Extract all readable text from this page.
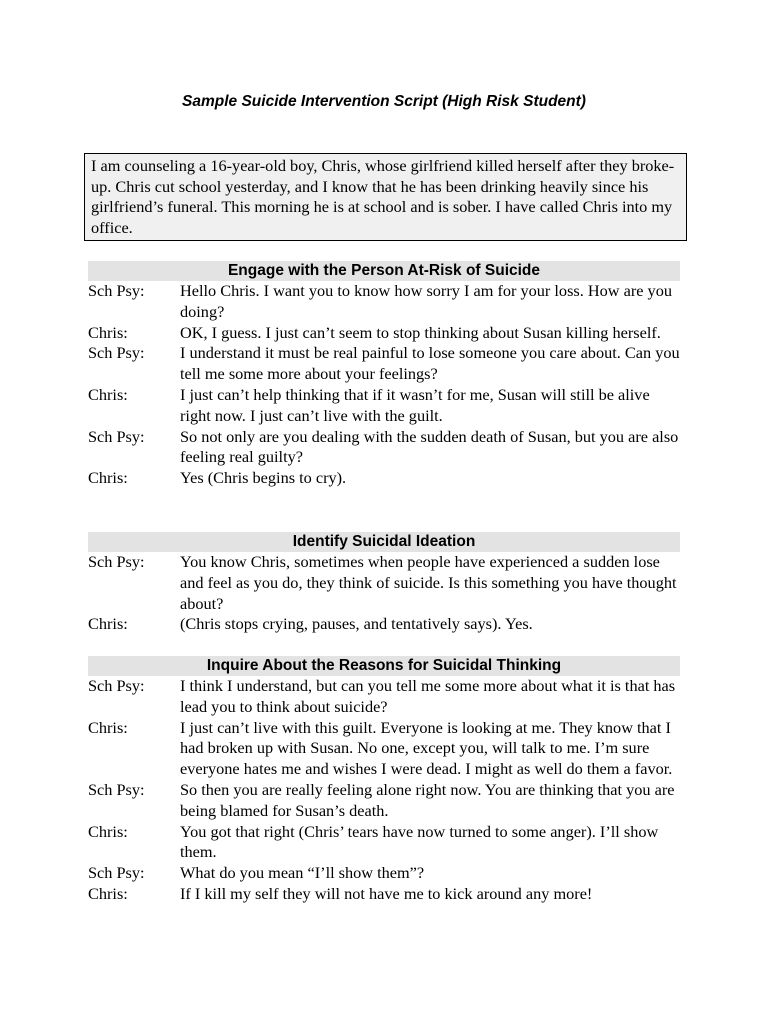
Sample Suicide Intervention Script (High Risk Student)
I am counseling a 16-year-old boy, Chris, whose girlfriend killed herself after they broke-up. Chris cut school yesterday, and I know that he has been drinking heavily since his girlfriend’s funeral. This morning he is at school and is sober. I have called Chris into my office.
Engage with the Person At-Risk of Suicide
Sch Psy:	Hello Chris. I want you to know how sorry I am for your loss. How are you doing?
Chris:	OK, I guess. I just can’t seem to stop thinking about Susan killing herself.
Sch Psy:	I understand it must be real painful to lose someone you care about. Can you tell me some more about your feelings?
Chris:	I just can’t help thinking that if it wasn’t for me, Susan will still be alive right now. I just can’t live with the guilt.
Sch Psy:	So not only are you dealing with the sudden death of Susan, but you are also feeling real guilty?
Chris:	Yes (Chris begins to cry).
Identify Suicidal Ideation
Sch Psy:	You know Chris, sometimes when people have experienced a sudden lose and feel as you do, they think of suicide. Is this something you have thought about?
Chris:	(Chris stops crying, pauses, and tentatively says). Yes.
Inquire About the Reasons for Suicidal Thinking
Sch Psy:	I think I understand, but can you tell me some more about what it is that has lead you to think about suicide?
Chris:	I just can’t live with this guilt. Everyone is looking at me. They know that I had broken up with Susan. No one, except you, will talk to me. I’m sure everyone hates me and wishes I were dead. I might as well do them a favor.
Sch Psy:	So then you are really feeling alone right now. You are thinking that you are being blamed for Susan’s death.
Chris:	You got that right (Chris’ tears have now turned to some anger). I’ll show them.
Sch Psy:	What do you mean “I’ll show them”?
Chris:	If I kill my self they will not have me to kick around any more!
